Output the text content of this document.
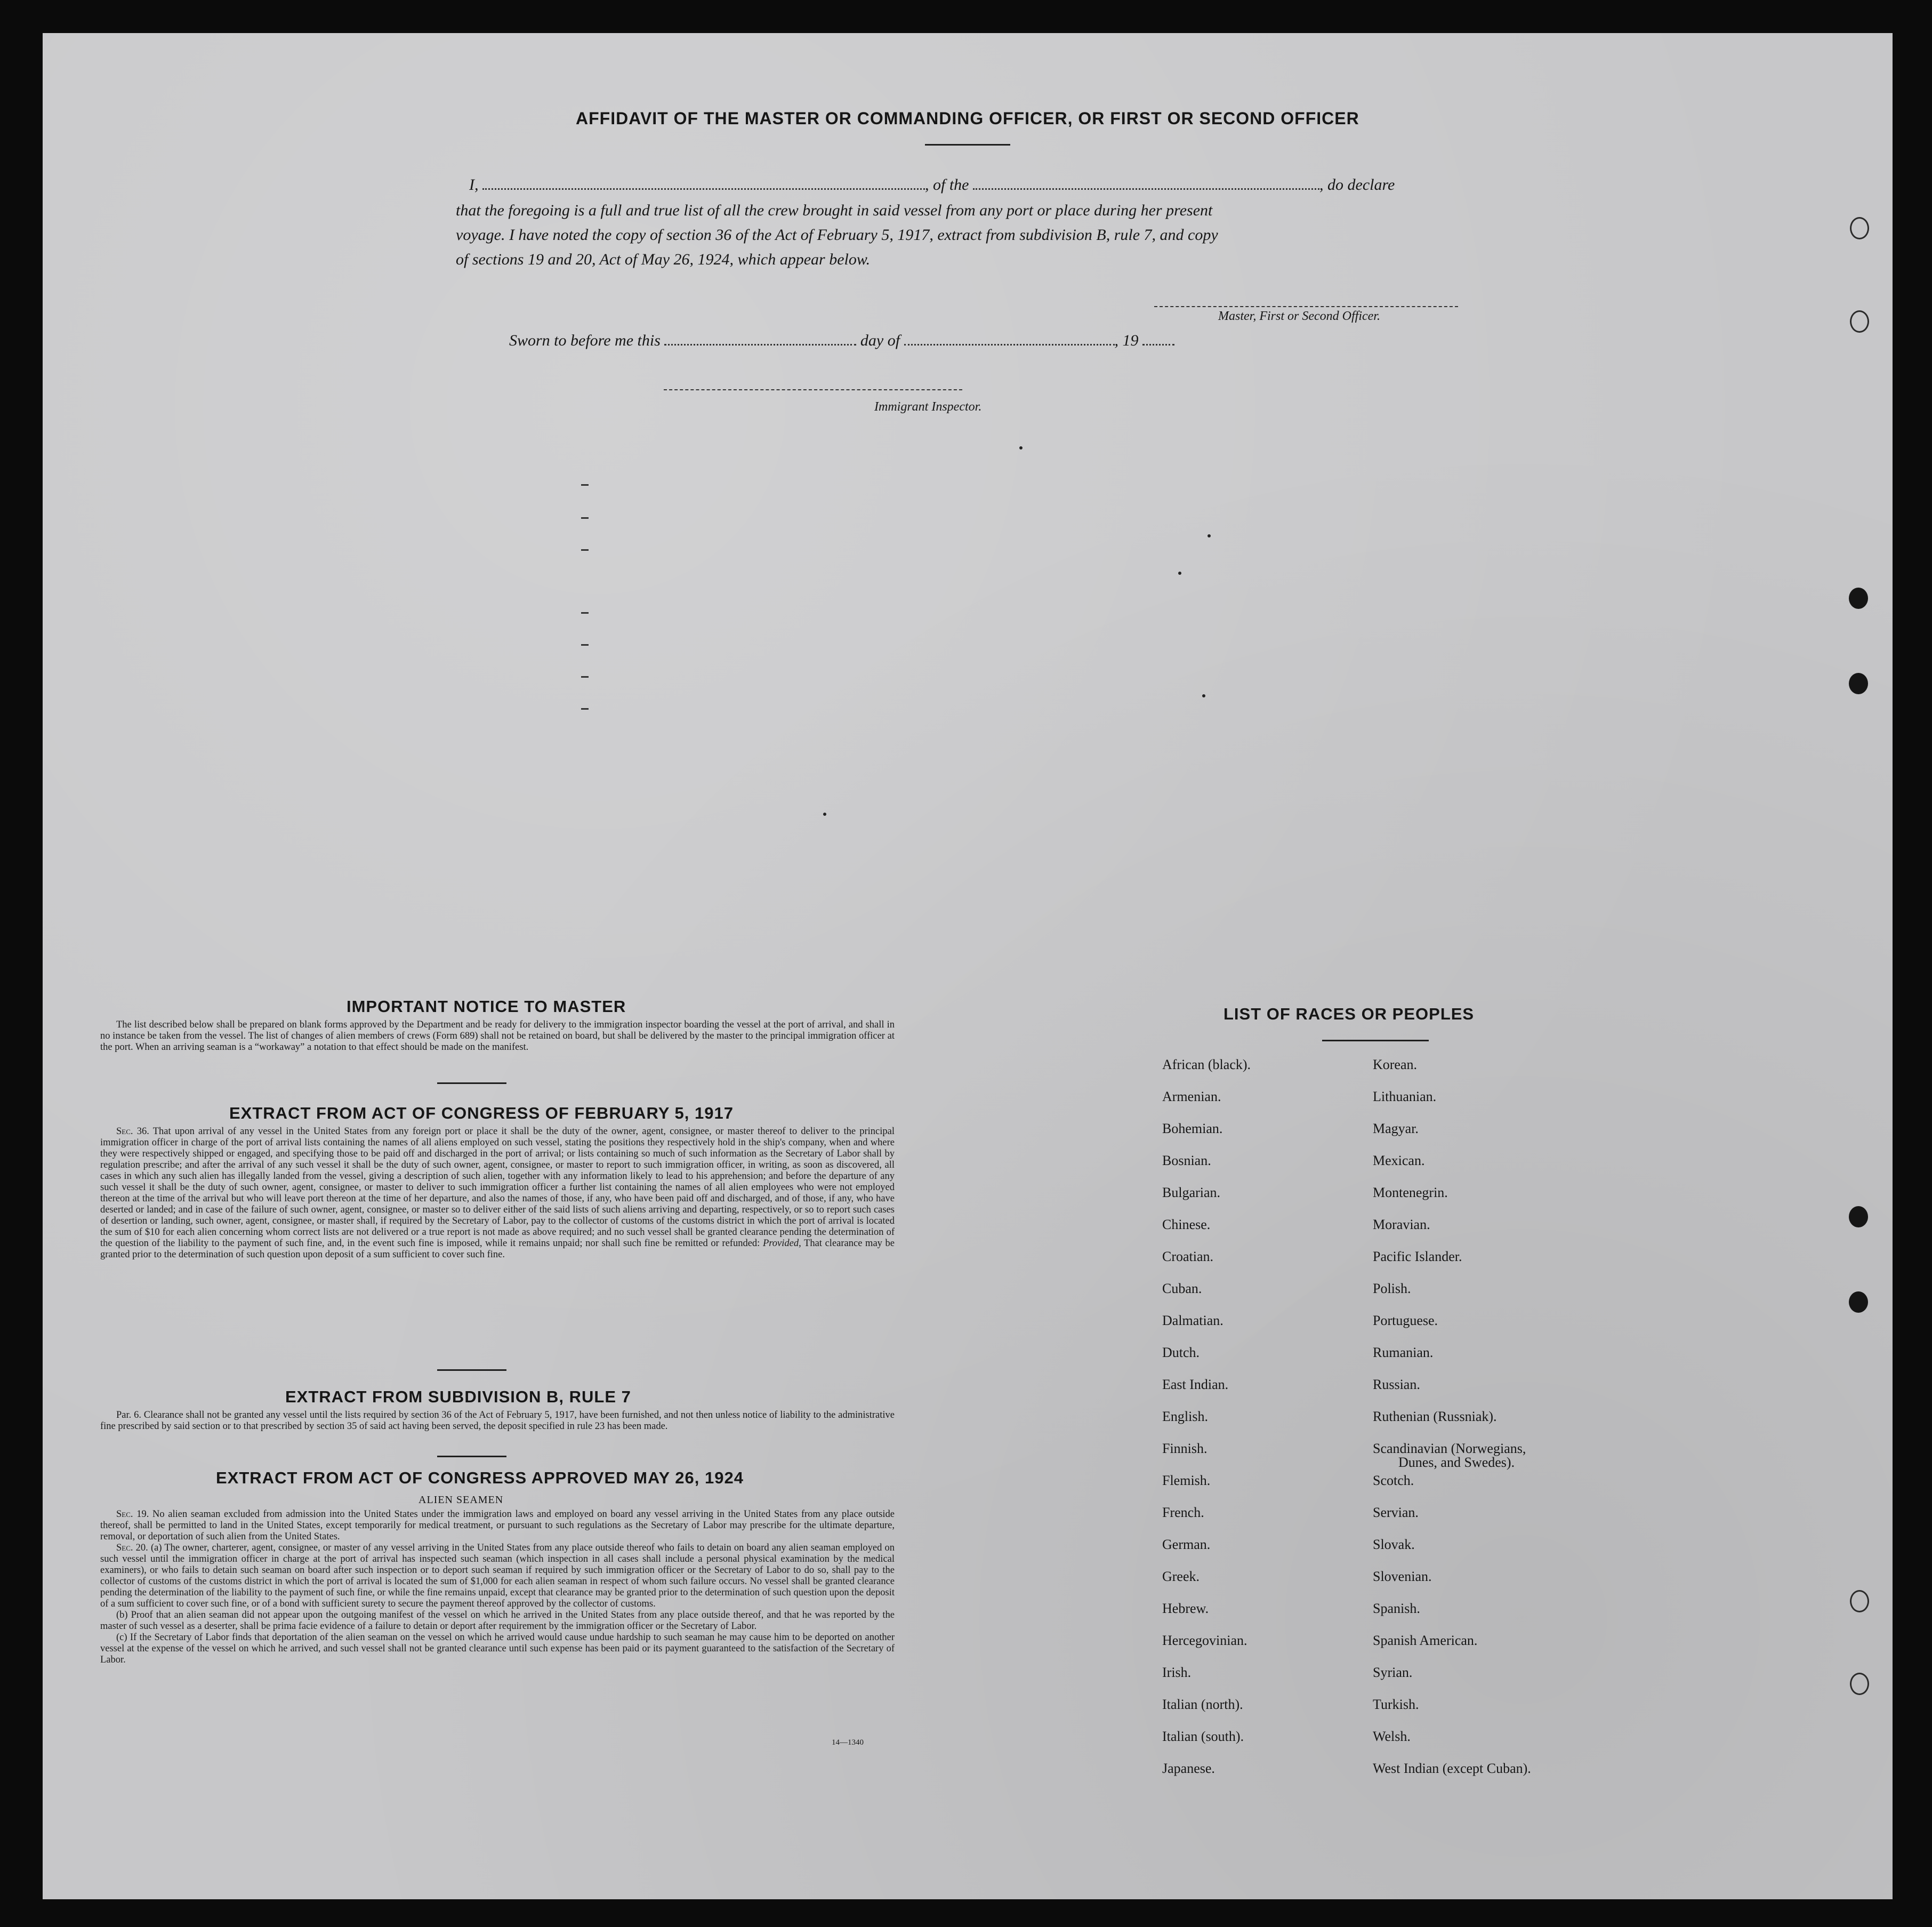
AFFIDAVIT OF THE MASTER OR COMMANDING OFFICER, OR FIRST OR SECOND OFFICER
I,	, of the	, do declare
that the foregoing is a full and true list of all the crew brought in said vessel from any port or place during her present
voyage. I have noted the copy of section 36 of the Act of February 5, 1917, extract from subdivision B, rule 7, and copy
of sections 19 and 20, Act of May 26, 1924, which appear below.
Master, First or Second Officer.
Sworn to before me this	day of	, 19
Immigrant Inspector.
IMPORTANT NOTICE TO MASTER

The list described below shall be prepared on blank forms approved by the Department and be ready for delivery to the immigration inspector boarding the vessel at the port of arrival, and shall in no instance be taken from the vessel. The list of changes of alien members of crews (Form 689) shall not be retained on board, but shall be delivered by the master to the principal immigration officer at the port. When an arriving seaman is a “workaway” a notation to that effect should be made on the manifest.

EXTRACT FROM ACT OF CONGRESS OF FEBRUARY 5, 1917

Sec. 36. That upon arrival of any vessel in the United States from any foreign port or place it shall be the duty of the owner, agent, consignee, or master thereof to deliver to the principal immigration officer in charge of the port of arrival lists containing the names of all aliens employed on such vessel, stating the positions they respectively hold in the ship's company, when and where they were respectively shipped or engaged, and specifying those to be paid off and discharged in the port of arrival; or lists containing so much of such information as the Secretary of Labor shall by regulation prescribe; and after the arrival of any such vessel it shall be the duty of such owner, agent, consignee, or master to report to such immigration officer, in writing, as soon as discovered, all cases in which any such alien has illegally landed from the vessel, giving a description of such alien, together with any information likely to lead to his apprehension; and before the departure of any such vessel it shall be the duty of such owner, agent, consignee, or master to deliver to such immigration officer a further list containing the names of all alien employees who were not employed thereon at the time of the arrival but who will leave port thereon at the time of her departure, and also the names of those, if any, who have been paid off and discharged, and of those, if any, who have deserted or landed; and in case of the failure of such owner, agent, consignee, or master so to deliver either of the said lists of such aliens arriving and departing, respectively, or so to report such cases of desertion or landing, such owner, agent, consignee, or master shall, if required by the Secretary of Labor, pay to the collector of customs of the customs district in which the port of arrival is located the sum of $10 for each alien concerning whom correct lists are not delivered or a true report is not made as above required; and no such vessel shall be granted clearance pending the determination of the question of the liability to the payment of such fine, and, in the event such fine is imposed, while it remains unpaid; nor shall such fine be remitted or refunded: Provided, That clearance may be granted prior to the determination of such question upon deposit of a sum sufficient to cover such fine.

EXTRACT FROM SUBDIVISION B, RULE 7

Par. 6. Clearance shall not be granted any vessel until the lists required by section 36 of the Act of February 5, 1917, have been furnished, and not then unless notice of liability to the administrative fine prescribed by said section or to that prescribed by section 35 of said act having been served, the deposit specified in rule 23 has been made.

EXTRACT FROM ACT OF CONGRESS APPROVED MAY 26, 1924
ALIEN SEAMEN

Sec. 19. No alien seaman excluded from admission into the United States under the immigration laws and employed on board any vessel arriving in the United States from any place outside thereof, shall be permitted to land in the United States, except temporarily for medical treatment, or pursuant to such regulations as the Secretary of Labor may prescribe for the ultimate departure, removal, or deportation of such alien from the United States.

Sec. 20. (a) The owner, charterer, agent, consignee, or master of any vessel arriving in the United States from any place outside thereof who fails to detain on board any alien seaman employed on such vessel until the immigration officer in charge at the port of arrival has inspected such seaman (which inspection in all cases shall include a personal physical examination by the medical examiners), or who fails to detain such seaman on board after such inspection or to deport such seaman if required by such immigration officer or the Secretary of Labor to do so, shall pay to the collector of customs of the customs district in which the port of arrival is located the sum of $1,000 for each alien seaman in respect of whom such failure occurs. No vessel shall be granted clearance pending the determination of the liability to the payment of such fine, or while the fine remains unpaid, except that clearance may be granted prior to the determination of such question upon the deposit of a sum sufficient to cover such fine, or of a bond with sufficient surety to secure the payment thereof approved by the collector of customs.

(b) Proof that an alien seaman did not appear upon the outgoing manifest of the vessel on which he arrived in the United States from any place outside thereof, and that he was reported by the master of such vessel as a deserter, shall be prima facie evidence of a failure to detain or deport after requirement by the immigration officer or the Secretary of Labor.

(c) If the Secretary of Labor finds that deportation of the alien seaman on the vessel on which he arrived would cause undue hardship to such seaman he may cause him to be deported on another vessel at the expense of the vessel on which he arrived, and such vessel shall not be granted clearance until such expense has been paid or its payment guaranteed to the satisfaction of the Secretary of Labor.

14—1340
LIST OF RACES OR PEOPLES
African (black).
Armenian.
Bohemian.
Bosnian.
Bulgarian.
Chinese.
Croatian.
Cuban.
Dalmatian.
Dutch.
East Indian.
English.
Finnish.
Flemish.
French.
German.
Greek.
Hebrew.
Hercegovinian.
Irish.
Italian (north).
Italian (south).
Japanese.
Korean.
Lithuanian.
Magyar.
Mexican.
Montenegrin.
Moravian.
Pacific Islander.
Polish.
Portuguese.
Rumanian.
Russian.
Ruthenian (Russniak).
Scandinavian (Norwegians,
Dunes, and Swedes).
Scotch.
Servian.
Slovak.
Slovenian.
Spanish.
Spanish American.
Syrian.
Turkish.
Welsh.
West Indian (except Cuban).
